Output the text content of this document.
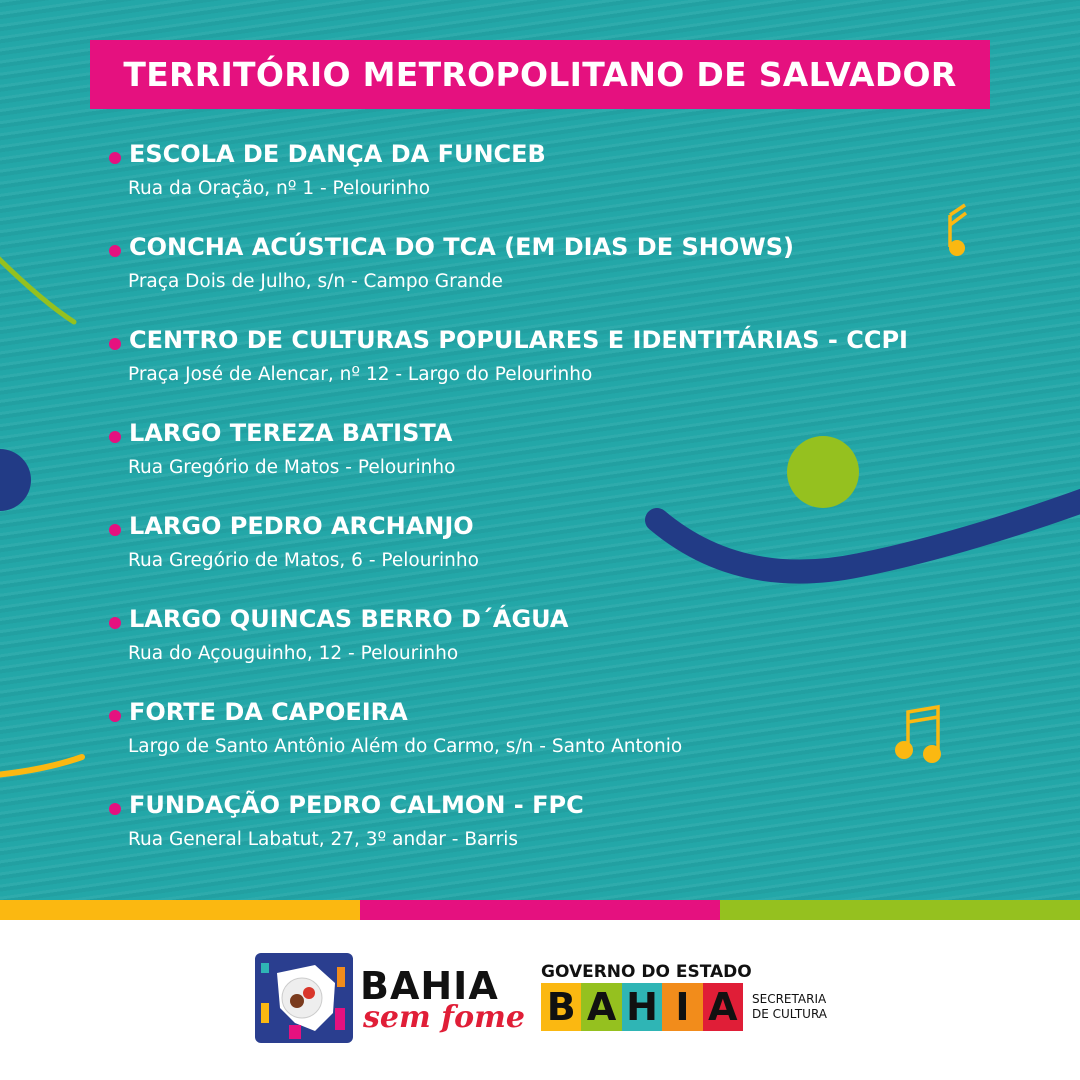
TERRITÓRIO METROPOLITANO DE SALVADOR
ESCOLA DE DANÇA DA FUNCEB
Rua da Oração, nº 1 - Pelourinho
CONCHA ACÚSTICA DO TCA (EM DIAS DE SHOWS)
Praça Dois de Julho, s/n - Campo Grande
CENTRO DE CULTURAS POPULARES E IDENTITÁRIAS - CCPI
Praça José de Alencar, nº 12 - Largo do Pelourinho
LARGO TEREZA BATISTA
Rua Gregório de Matos - Pelourinho
LARGO PEDRO ARCHANJO
Rua Gregório de Matos, 6 - Pelourinho
LARGO QUINCAS BERRO D´ÁGUA
Rua do Açouguinho, 12 - Pelourinho
FORTE DA CAPOEIRA
Largo de Santo Antônio Além do Carmo, s/n - Santo Antonio
FUNDAÇÃO PEDRO CALMON - FPC
Rua General Labatut, 27, 3º andar - Barris
BAHIA
sem fome
GOVERNO DO ESTADO
B A H I A	SECRETARIA
DE CULTURA
